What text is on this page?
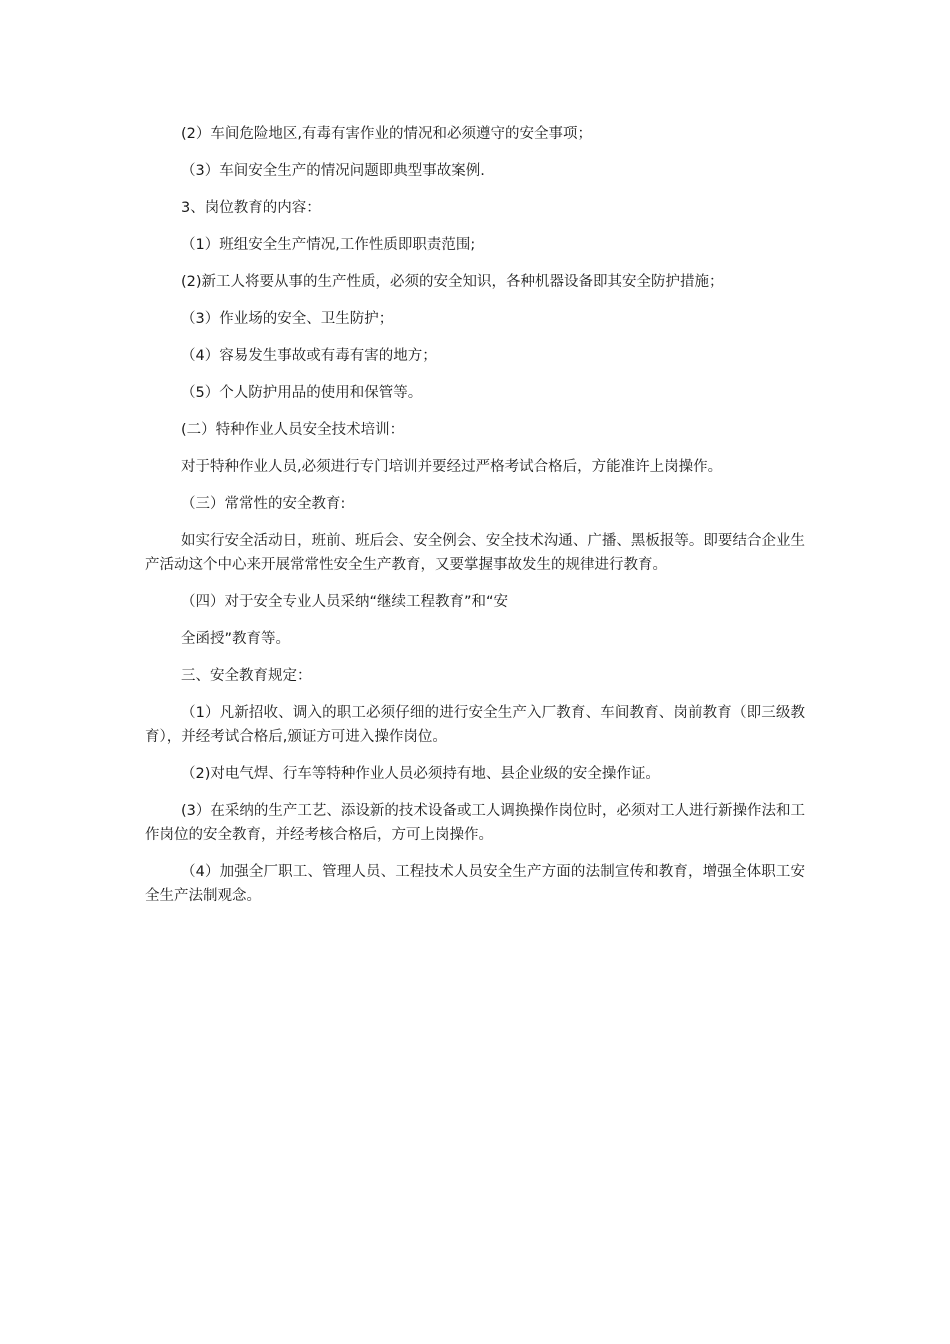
(2）车间危险地区,有毒有害作业的情况和必须遵守的安全事项；

（3）车间安全生产的情况问题即典型事故案例.

3、岗位教育的内容：

（1）班组安全生产情况,工作性质即职责范围;

(2)新工人将要从事的生产性质，必须的安全知识，各种机器设备即其安全防护措施；

（3）作业场的安全、卫生防护；

（4）容易发生事故或有毒有害的地方；

（5）个人防护用品的使用和保管等。

(二）特种作业人员安全技术培训：

对于特种作业人员,必须进行专门培训并要经过严格考试合格后，方能准许上岗操作。

（三）常常性的安全教育:

如实行安全活动日，班前、班后会、安全例会、安全技术沟通、广播、黑板报等。即要结合企业生产活动这个中心来开展常常性安全生产教育，又要掌握事故发生的规律进行教育。

（四）对于安全专业人员采纳“继续工程教育”和“安

全函授”教育等。

三、安全教育规定：

（1）凡新招收、调入的职工必须仔细的进行安全生产入厂教育、车间教育、岗前教育（即三级教育），并经考试合格后,颁证方可进入操作岗位。

（2)对电气焊、行车等特种作业人员必须持有地、县企业级的安全操作证。

(3）在采纳的生产工艺、添设新的技术设备或工人调换操作岗位时，必须对工人进行新操作法和工作岗位的安全教育，并经考核合格后，方可上岗操作。

（4）加强全厂职工、管理人员、工程技术人员安全生产方面的法制宣传和教育，增强全体职工安全生产法制观念。
